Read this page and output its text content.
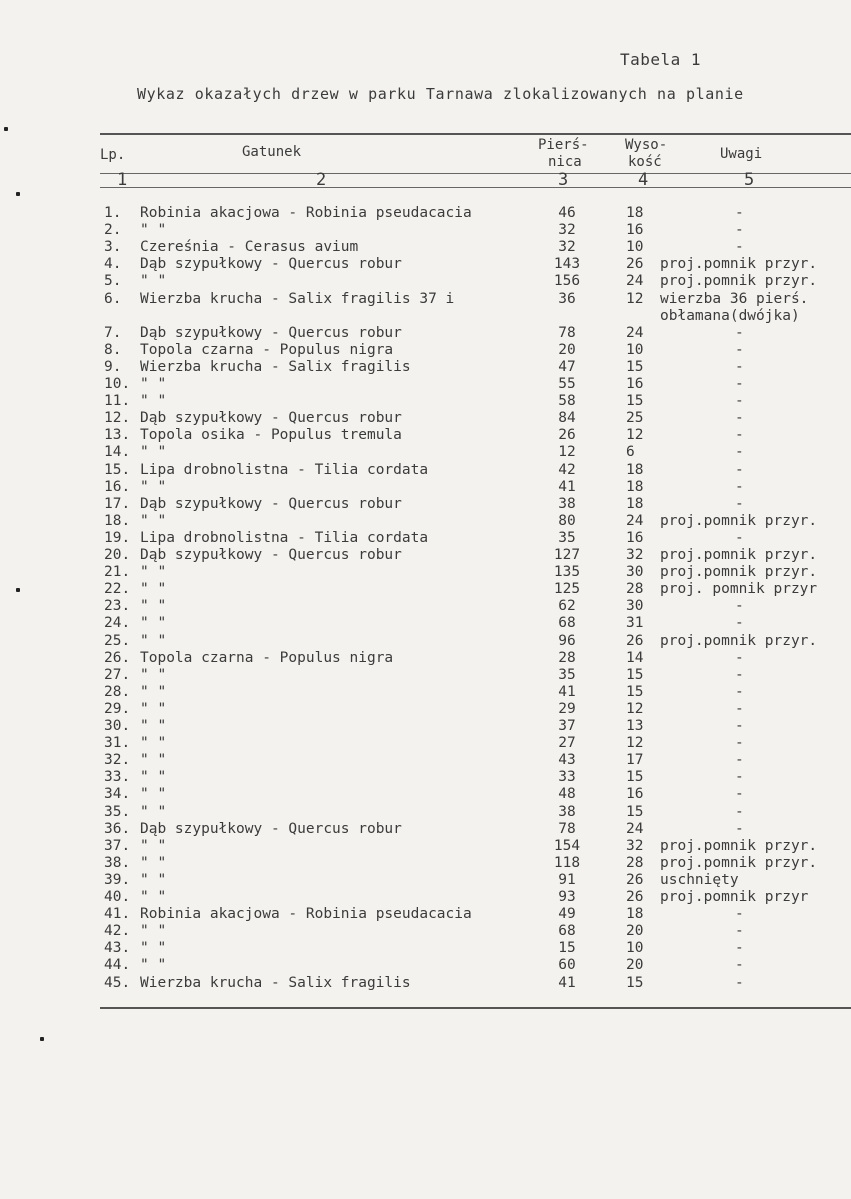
Tabela 1
Wykaz okazałych drzew w parku Tarnawa zlokalizowanych na planie
Lp.	Gatunek	Pierś-
nica
Wyso-
kość	Uwagi
1	2	3	4	5
1.	Robinia akacjowa - Robinia pseudacacia	46	18	-
2.	" "	32	16	-
3.	Czereśnia - Cerasus avium	32	10	-
4.	Dąb szypułkowy - Quercus robur	143	26	proj.pomnik przyr.
5.	" "	156	24	proj.pomnik przyr.
6.	Wierzba krucha - Salix fragilis 37 i	36	12	wierzba 36 pierś.
obłamana(dwójka)
7.	Dąb szypułkowy - Quercus robur	78	24	-
8.	Topola czarna - Populus nigra	20	10	-
9.	Wierzba krucha - Salix fragilis	47	15	-
10. " "	55	16	-
11. " "	58	15	-
12. Dąb szypułkowy - Quercus robur	84	25	-
13. Topola osika - Populus tremula	26	12	-
14. " "	12	6	-
15. Lipa drobnolistna - Tilia cordata	42	18	-
16. " "	41	18	-
17. Dąb szypułkowy - Quercus robur	38	18	-
18. " "	80	24	proj.pomnik przyr.
19. Lipa drobnolistna - Tilia cordata	35	16	-
20. Dąb szypułkowy - Quercus robur	127	32	proj.pomnik przyr.
21. " "	135	30	proj.pomnik przyr.
22. " "	125	28	proj. pomnik przyr
23. " "	62	30	-
24. " "	68	31	-
25. " "	96	26	proj.pomnik przyr.
26. Topola czarna - Populus nigra	28	14	-
27. " "	35	15	-
28. " "	41	15	-
29. " "	29	12	-
30. " "	37	13	-
31. " "	27	12	-
32. " "	43	17	-
33. " "	33	15	-
34. " "	48	16	-
35. " "	38	15	-
36. Dąb szypułkowy - Quercus robur	78	24	-
37. " "	154	32	proj.pomnik przyr.
38. " "	118	28	proj.pomnik przyr.
39. " "	91	26	uschnięty
40. " "	93	26	proj.pomnik przyr
41. Robinia akacjowa - Robinia pseudacacia	49	18	-
42. " "	68	20	-
43. " "	15	10	-
44. " "	60	20	-
45. Wierzba krucha - Salix fragilis	41	15	-
